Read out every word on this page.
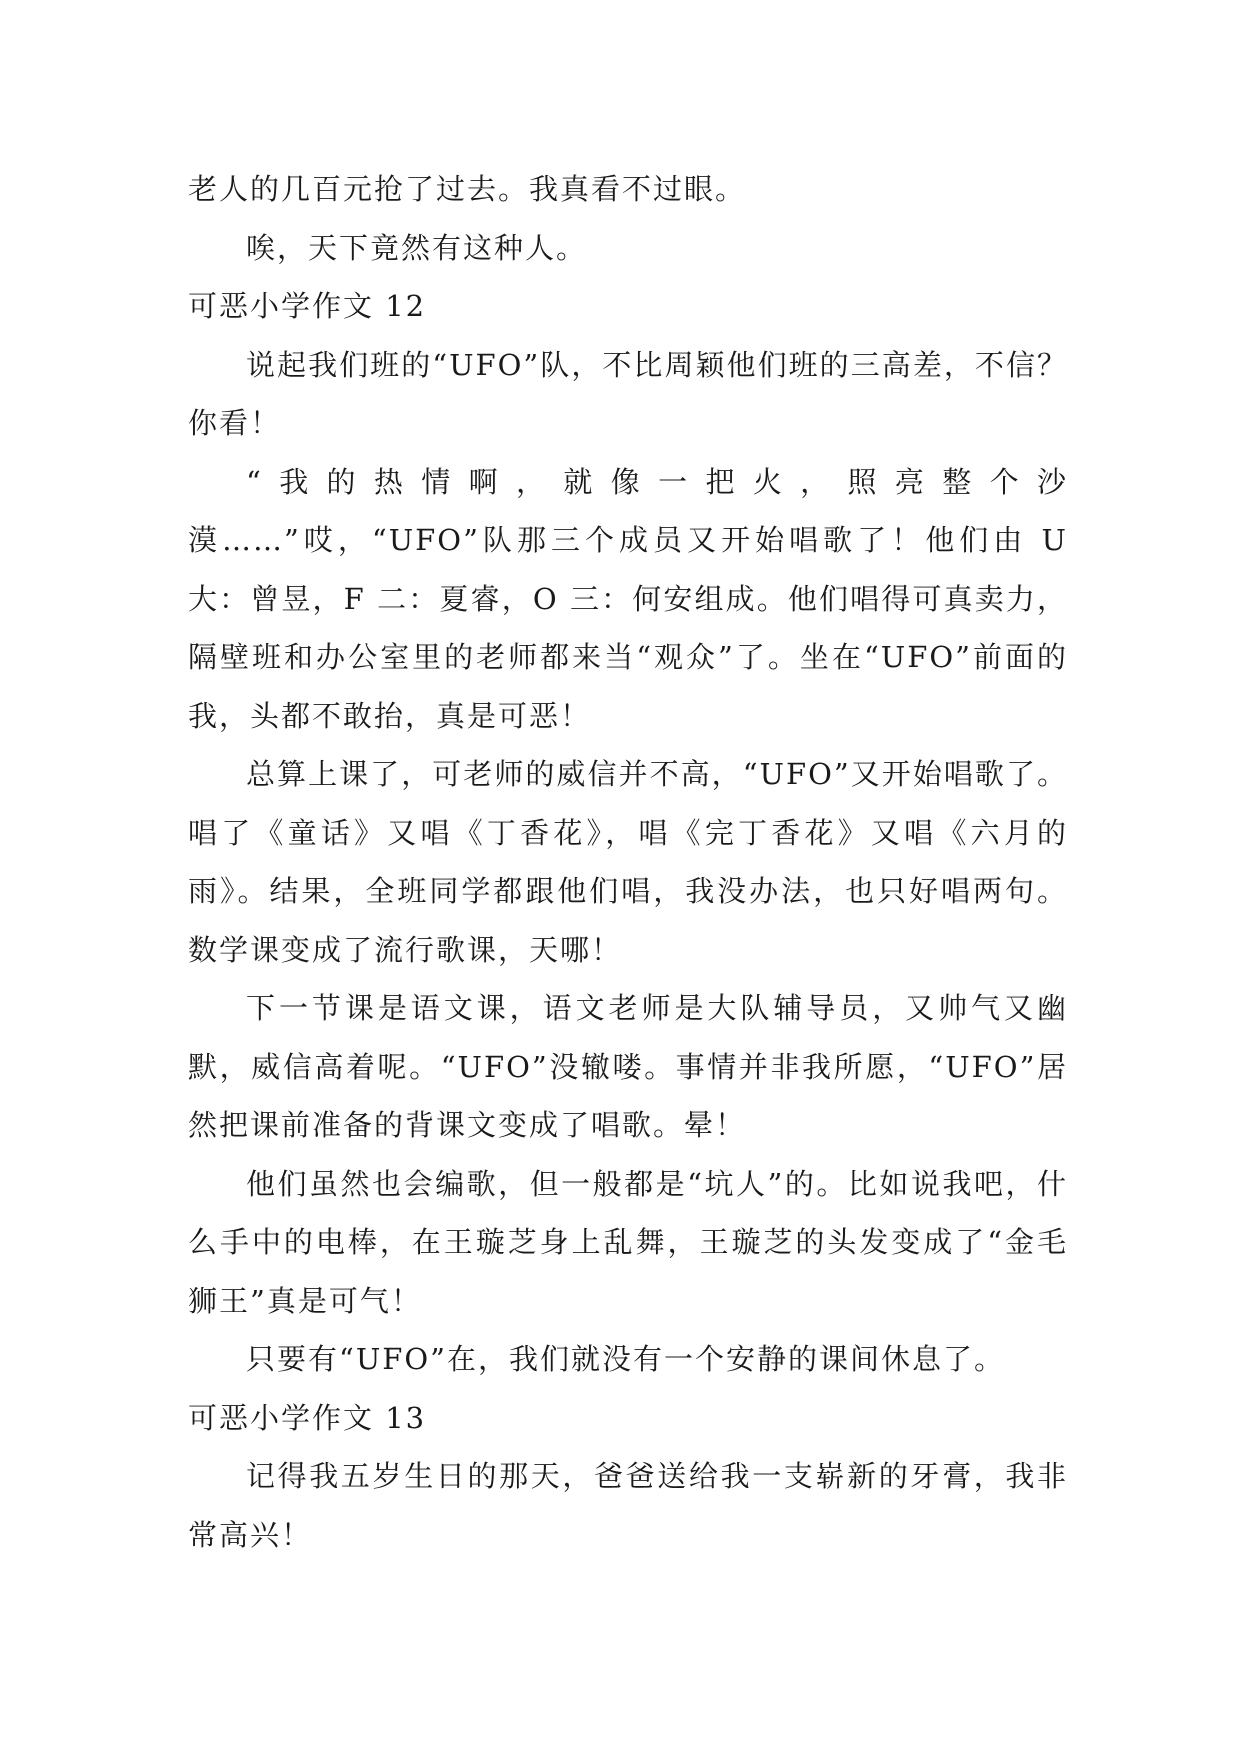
老人的几百元抢了过去。我真看不过眼。

唉，天下竟然有这种人。

可恶小学作文 12

说起我们班的“UFO”队，不比周颖他们班的三高差，不信？你看！

“我的热情啊，就像一把火，照亮整个沙漠……”哎，“UFO”队那三个成员又开始唱歌了！他们由 U 大：曾昱，F 二：夏睿，O 三：何安组成。他们唱得可真卖力，隔壁班和办公室里的老师都来当“观众”了。坐在“UFO”前面的我，头都不敢抬，真是可恶！

总算上课了，可老师的威信并不高，“UFO”又开始唱歌了。唱了《童话》又唱《丁香花》，唱《完丁香花》又唱《六月的雨》。结果，全班同学都跟他们唱，我没办法，也只好唱两句。数学课变成了流行歌课，天哪！

下一节课是语文课，语文老师是大队辅导员，又帅气又幽默，威信高着呢。“UFO”没辙喽。事情并非我所愿，“UFO”居然把课前准备的背课文变成了唱歌。晕！

他们虽然也会编歌，但一般都是“坑人”的。比如说我吧，什么手中的电棒，在王璇芝身上乱舞，王璇芝的头发变成了“金毛狮王”真是可气！

只要有“UFO”在，我们就没有一个安静的课间休息了。

可恶小学作文 13

记得我五岁生日的那天，爸爸送给我一支崭新的牙膏，我非常高兴！
